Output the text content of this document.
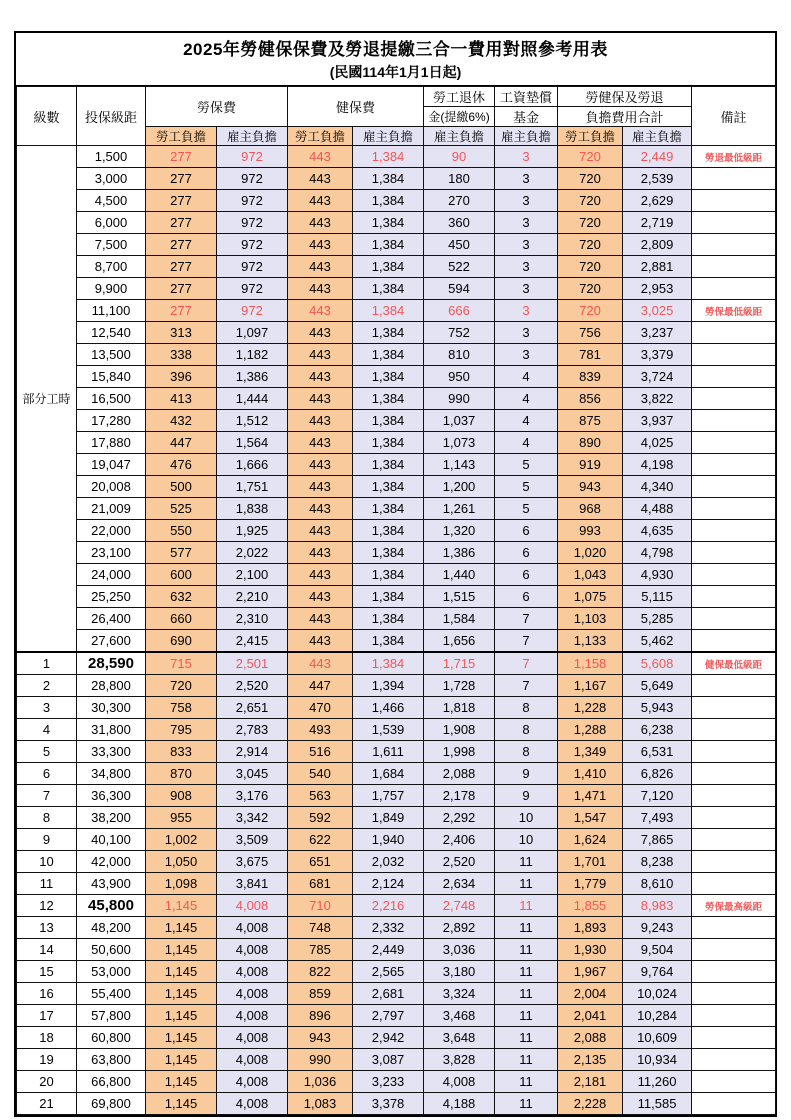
2025年勞健保保費及勞退提繳三合一費用對照參考用表
(民國114年1月1日起)
級數	投保級距	勞保費		健保費		勞工退休	工資墊償	勞健保及勞退		備註
						金(提繳6%)	基金	負擔費用合計		
		勞工負擔	雇主負擔	勞工負擔	雇主負擔	雇主負擔	雇主負擔	勞工負擔	雇主負擔	
部分工時	1,500	277	972	443	1,384	90	3	720	2,449	勞退最低級距
	3,000	277	972	443	1,384	180	3	720	2,539	
	4,500	277	972	443	1,384	270	3	720	2,629	
	6,000	277	972	443	1,384	360	3	720	2,719	
	7,500	277	972	443	1,384	450	3	720	2,809	
	8,700	277	972	443	1,384	522	3	720	2,881	
	9,900	277	972	443	1,384	594	3	720	2,953	
	11,100	277	972	443	1,384	666	3	720	3,025	勞保最低級距
	12,540	313	1,097	443	1,384	752	3	756	3,237	
	13,500	338	1,182	443	1,384	810	3	781	3,379	
	15,840	396	1,386	443	1,384	950	4	839	3,724	
	16,500	413	1,444	443	1,384	990	4	856	3,822	
	17,280	432	1,512	443	1,384	1,037	4	875	3,937	
	17,880	447	1,564	443	1,384	1,073	4	890	4,025	
	19,047	476	1,666	443	1,384	1,143	5	919	4,198	
	20,008	500	1,751	443	1,384	1,200	5	943	4,340	
	21,009	525	1,838	443	1,384	1,261	5	968	4,488	
	22,000	550	1,925	443	1,384	1,320	6	993	4,635	
	23,100	577	2,022	443	1,384	1,386	6	1,020	4,798	
	24,000	600	2,100	443	1,384	1,440	6	1,043	4,930	
	25,250	632	2,210	443	1,384	1,515	6	1,075	5,115	
	26,400	660	2,310	443	1,384	1,584	7	1,103	5,285	
	27,600	690	2,415	443	1,384	1,656	7	1,133	5,462	
1	28,590	715	2,501	443	1,384	1,715	7	1,158	5,608	健保最低級距
2	28,800	720	2,520	447	1,394	1,728	7	1,167	5,649	
3	30,300	758	2,651	470	1,466	1,818	8	1,228	5,943	
4	31,800	795	2,783	493	1,539	1,908	8	1,288	6,238	
5	33,300	833	2,914	516	1,611	1,998	8	1,349	6,531	
6	34,800	870	3,045	540	1,684	2,088	9	1,410	6,826	
7	36,300	908	3,176	563	1,757	2,178	9	1,471	7,120	
8	38,200	955	3,342	592	1,849	2,292	10	1,547	7,493	
9	40,100	1,002	3,509	622	1,940	2,406	10	1,624	7,865	
10	42,000	1,050	3,675	651	2,032	2,520	11	1,701	8,238	
11	43,900	1,098	3,841	681	2,124	2,634	11	1,779	8,610	
12	45,800	1,145	4,008	710	2,216	2,748	11	1,855	8,983	勞保最高級距
13	48,200	1,145	4,008	748	2,332	2,892	11	1,893	9,243	
14	50,600	1,145	4,008	785	2,449	3,036	11	1,930	9,504	
15	53,000	1,145	4,008	822	2,565	3,180	11	1,967	9,764	
16	55,400	1,145	4,008	859	2,681	3,324	11	2,004	10,024	
17	57,800	1,145	4,008	896	2,797	3,468	11	2,041	10,284	
18	60,800	1,145	4,008	943	2,942	3,648	11	2,088	10,609	
19	63,800	1,145	4,008	990	3,087	3,828	11	2,135	10,934	
20	66,800	1,145	4,008	1,036	3,233	4,008	11	2,181	11,260	
21	69,800	1,145	4,008	1,083	3,378	4,188	11	2,228	11,585	
